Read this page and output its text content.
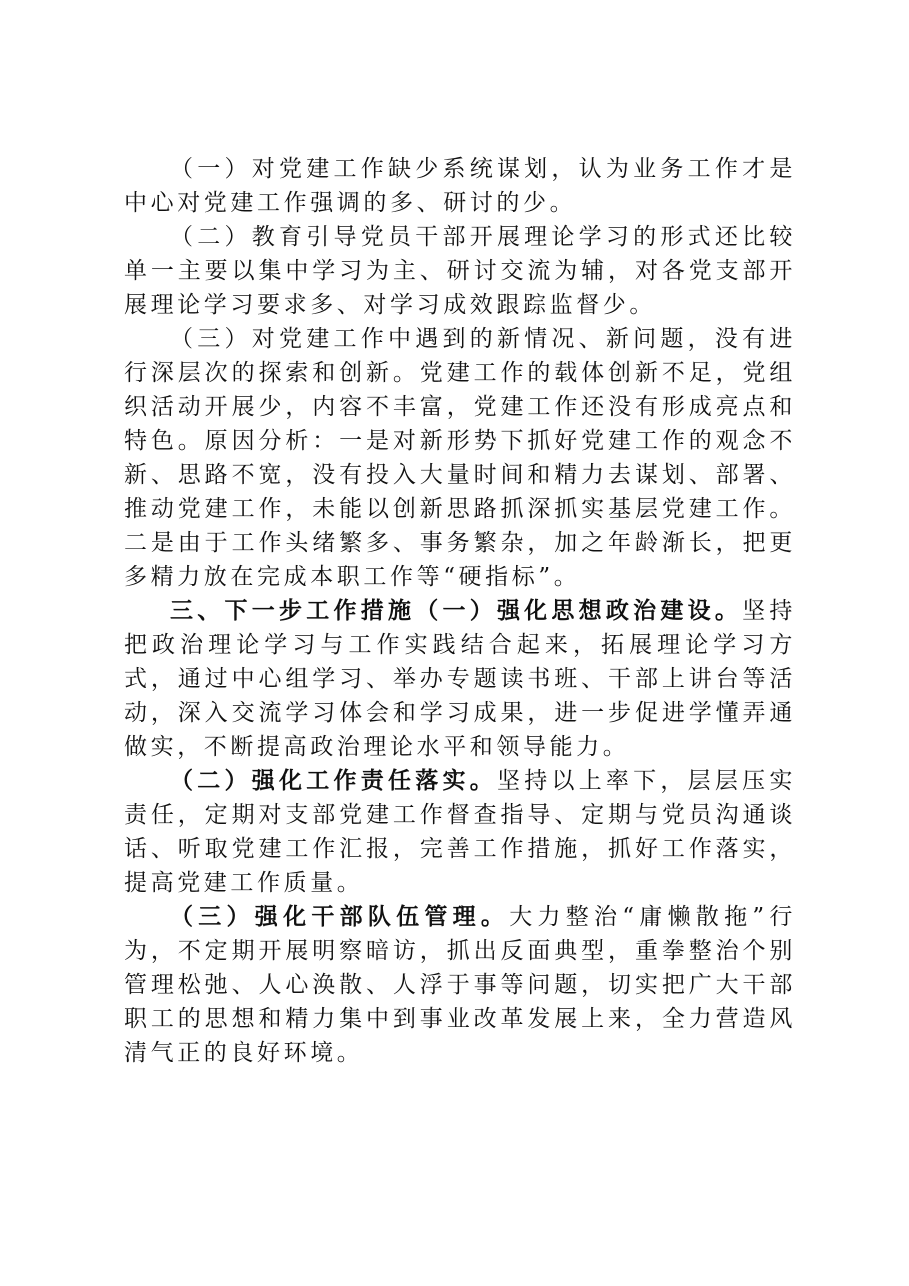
（一）对党建工作缺少系统谋划，认为业务工作才是中心对党建工作强调的多、研讨的少。

（二）教育引导党员干部开展理论学习的形式还比较单一主要以集中学习为主、研讨交流为辅，对各党支部开展理论学习要求多、对学习成效跟踪监督少。

（三）对党建工作中遇到的新情况、新问题，没有进行深层次的探索和创新。党建工作的载体创新不足，党组织活动开展少，内容不丰富，党建工作还没有形成亮点和特色。原因分析：一是对新形势下抓好党建工作的观念不新、思路不宽，没有投入大量时间和精力去谋划、部署、推动党建工作，未能以创新思路抓深抓实基层党建工作。二是由于工作头绪繁多、事务繁杂，加之年龄渐长，把更多精力放在完成本职工作等“硬指标”。

三、下一步工作措施（一）强化思想政治建设。坚持把政治理论学习与工作实践结合起来，拓展理论学习方式，通过中心组学习、举办专题读书班、干部上讲台等活动，深入交流学习体会和学习成果，进一步促进学懂弄通做实，不断提高政治理论水平和领导能力。

（二）强化工作责任落实。坚持以上率下，层层压实责任，定期对支部党建工作督查指导、定期与党员沟通谈话、听取党建工作汇报，完善工作措施，抓好工作落实，提高党建工作质量。

（三）强化干部队伍管理。大力整治“庸懒散拖”行为，不定期开展明察暗访，抓出反面典型，重拳整治个别管理松弛、人心涣散、人浮于事等问题，切实把广大干部职工的思想和精力集中到事业改革发展上来，全力营造风清气正的良好环境。
